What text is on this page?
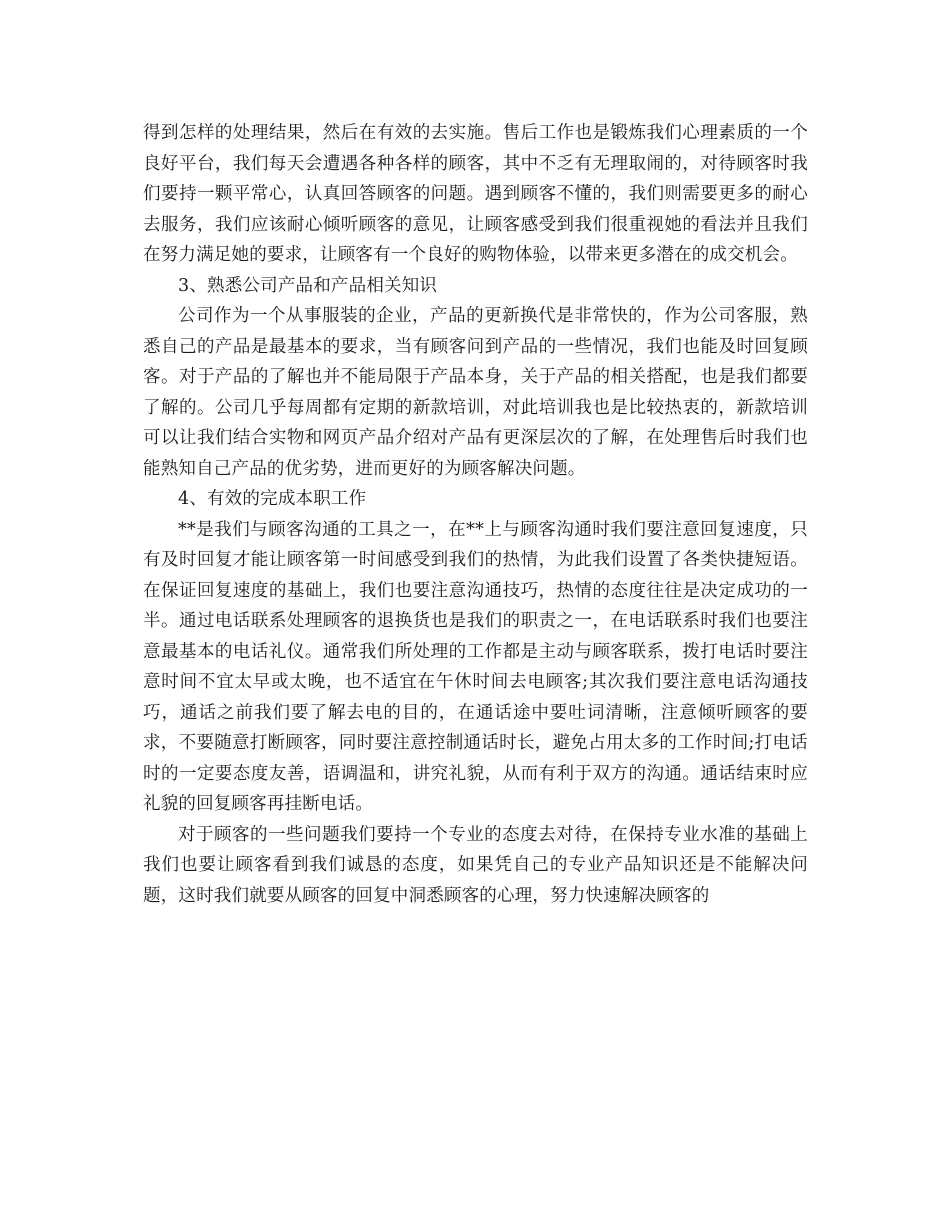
得到怎样的处理结果，然后在有效的去实施。售后工作也是锻炼我们心理素质的一个良好平台，我们每天会遭遇各种各样的顾客，其中不乏有无理取闹的，对待顾客时我们要持一颗平常心，认真回答顾客的问题。遇到顾客不懂的，我们则需要更多的耐心去服务，我们应该耐心倾听顾客的意见，让顾客感受到我们很重视她的看法并且我们在努力满足她的要求，让顾客有一个良好的购物体验，以带来更多潜在的成交机会。

3、熟悉公司产品和产品相关知识

公司作为一个从事服装的企业，产品的更新换代是非常快的，作为公司客服，熟悉自己的产品是最基本的要求，当有顾客问到产品的一些情况，我们也能及时回复顾客。对于产品的了解也并不能局限于产品本身，关于产品的相关搭配，也是我们都要了解的。公司几乎每周都有定期的新款培训，对此培训我也是比较热衷的，新款培训可以让我们结合实物和网页产品介绍对产品有更深层次的了解，在处理售后时我们也能熟知自己产品的优劣势，进而更好的为顾客解决问题。

4、有效的完成本职工作

**是我们与顾客沟通的工具之一，在**上与顾客沟通时我们要注意回复速度，只有及时回复才能让顾客第一时间感受到我们的热情，为此我们设置了各类快捷短语。在保证回复速度的基础上，我们也要注意沟通技巧，热情的态度往往是决定成功的一半。通过电话联系处理顾客的退换货也是我们的职责之一，在电话联系时我们也要注意最基本的电话礼仪。通常我们所处理的工作都是主动与顾客联系，拨打电话时要注意时间不宜太早或太晚，也不适宜在午休时间去电顾客;其次我们要注意电话沟通技巧，通话之前我们要了解去电的目的，在通话途中要吐词清晰，注意倾听顾客的要求，不要随意打断顾客，同时要注意控制通话时长，避免占用太多的工作时间;打电话时的一定要态度友善，语调温和，讲究礼貌，从而有利于双方的沟通。通话结束时应礼貌的回复顾客再挂断电话。

对于顾客的一些问题我们要持一个专业的态度去对待，在保持专业水准的基础上我们也要让顾客看到我们诚恳的态度，如果凭自己的专业产品知识还是不能解决问题，这时我们就要从顾客的回复中洞悉顾客的心理，努力快速解决顾客的
